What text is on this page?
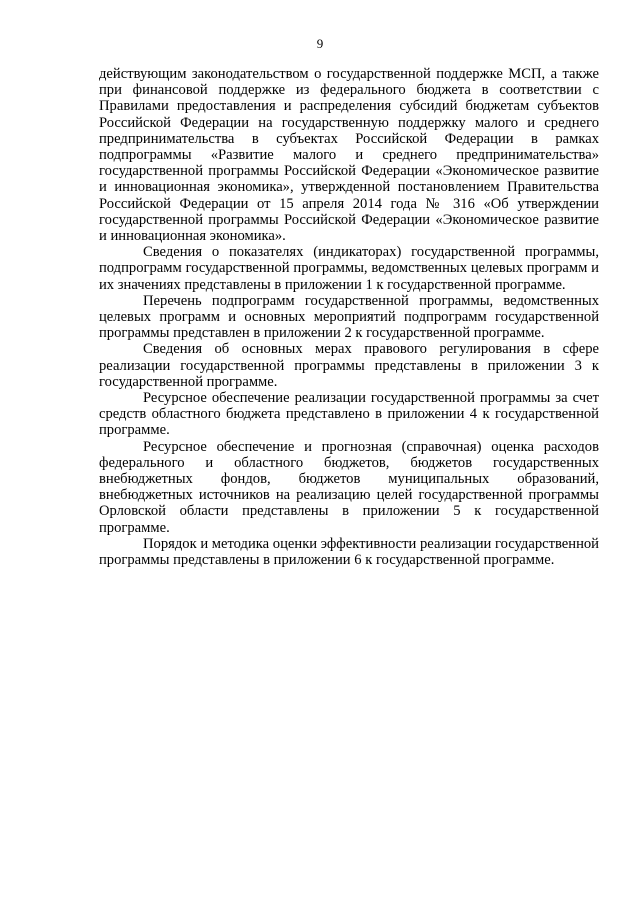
9

действующим законодательством о государственной поддержке МСП, а также при финансовой поддержке из федерального бюджета в соответствии с Правилами предоставления и распределения субсидий бюджетам субъектов Российской Федерации на государственную поддержку малого и среднего предпринимательства в субъектах Российской Федерации в рамках подпрограммы «Развитие малого и среднего предпринимательства» государственной программы Российской Федерации «Экономическое развитие и инновационная экономика», утвержденной постановлением Правительства Российской Федерации от 15 апреля 2014 года № 316 «Об утверждении государственной программы Российской Федерации «Экономическое развитие и инновационная экономика».

Сведения о показателях (индикаторах) государственной программы, подпрограмм государственной программы, ведомственных целевых программ и их значениях представлены в приложении 1 к государственной программе.

Перечень подпрограмм государственной программы, ведомственных целевых программ и основных мероприятий подпрограмм государственной программы представлен в приложении 2 к государственной программе.

Сведения об основных мерах правового регулирования в сфере реализации государственной программы представлены в приложении 3 к государственной программе.

Ресурсное обеспечение реализации государственной программы за счет средств областного бюджета представлено в приложении 4 к государственной программе.

Ресурсное обеспечение и прогнозная (справочная) оценка расходов федерального и областного бюджетов, бюджетов государственных внебюджетных фондов, бюджетов муниципальных образований, внебюджетных источников на реализацию целей государственной программы Орловской области представлены в приложении 5 к государственной программе.

Порядок и методика оценки эффективности реализации государственной программы представлены в приложении 6 к государственной программе.
